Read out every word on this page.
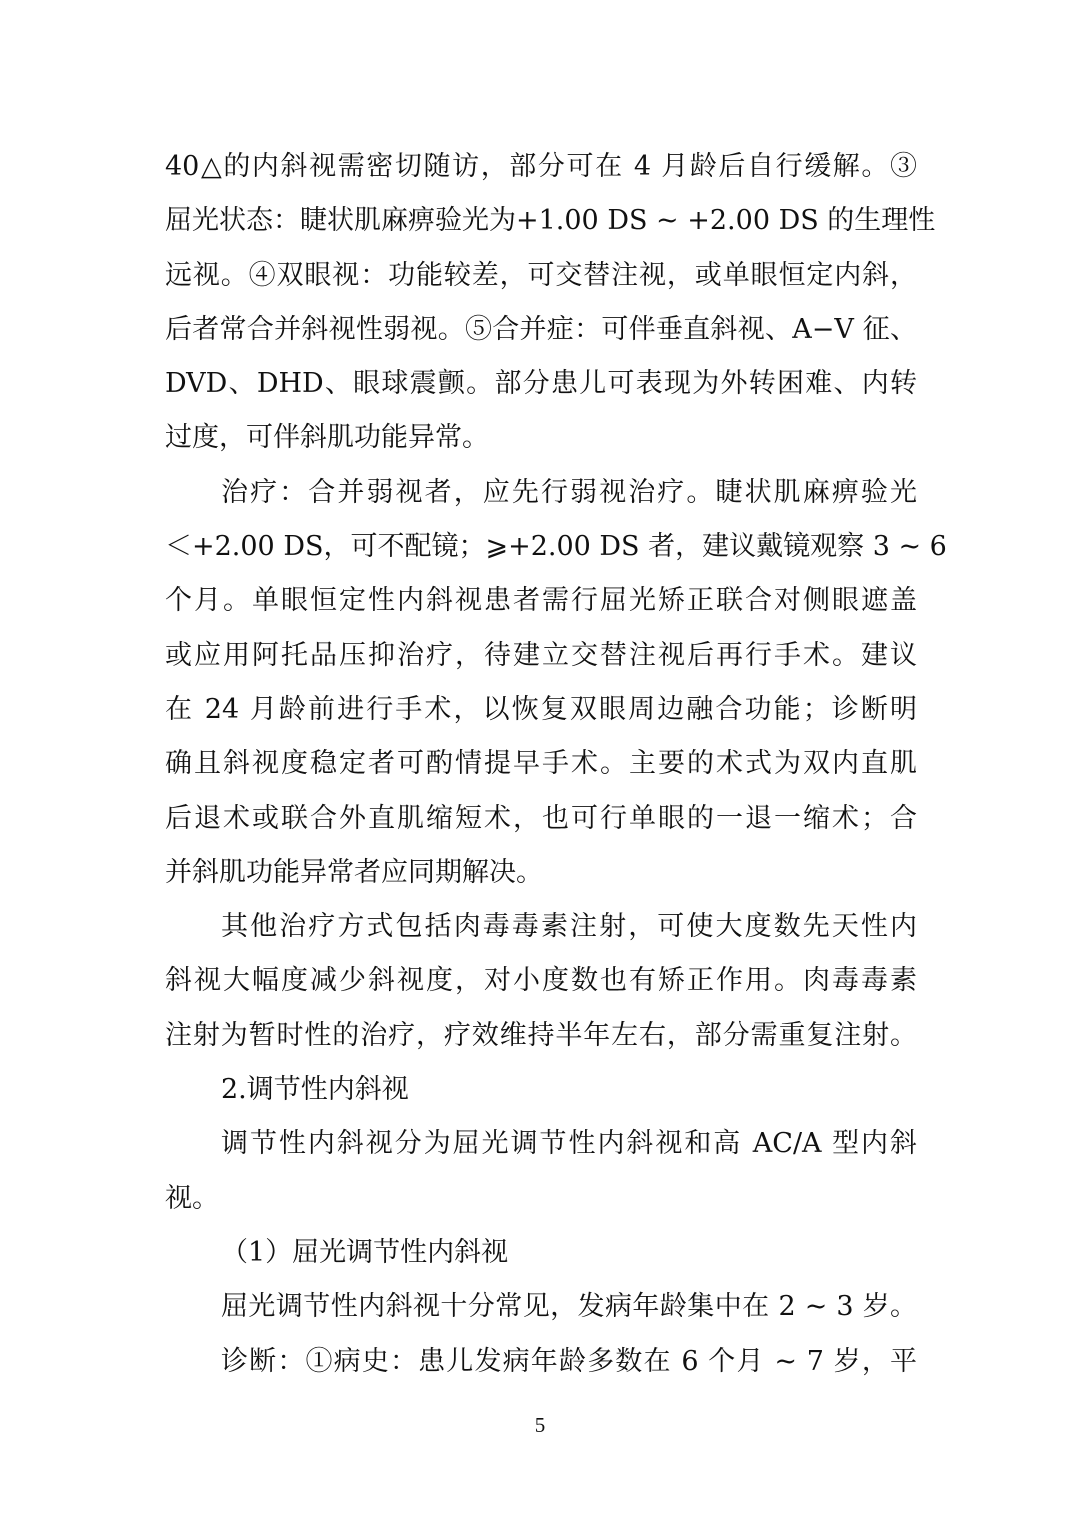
40△的内斜视需密切随访，部分可在 4 月龄后自行缓解。③
屈光状态：睫状肌麻痹验光为+1.00 DS ~ +2.00 DS 的生理性
远视。④双眼视：功能较差，可交替注视，或单眼恒定内斜，
后者常合并斜视性弱视。⑤合并症：可伴垂直斜视、A−V 征、
DVD、DHD、眼球震颤。部分患儿可表现为外转困难、内转
过度，可伴斜肌功能异常。
治疗：合并弱视者，应先行弱视治疗。睫状肌麻痹验光
＜+2.00 DS，可不配镜；⩾+2.00 DS 者，建议戴镜观察 3 ~ 6
个月。单眼恒定性内斜视患者需行屈光矫正联合对侧眼遮盖
或应用阿托品压抑治疗，待建立交替注视后再行手术。建议
在 24 月龄前进行手术，以恢复双眼周边融合功能；诊断明
确且斜视度稳定者可酌情提早手术。主要的术式为双内直肌
后退术或联合外直肌缩短术，也可行单眼的一退一缩术；合
并斜肌功能异常者应同期解决。
其他治疗方式包括肉毒毒素注射，可使大度数先天性内
斜视大幅度减少斜视度，对小度数也有矫正作用。肉毒毒素
注射为暂时性的治疗，疗效维持半年左右，部分需重复注射。
2.调节性内斜视
调节性内斜视分为屈光调节性内斜视和高 AC/A 型内斜
视。
（1）屈光调节性内斜视
屈光调节性内斜视十分常见，发病年龄集中在 2 ~ 3 岁。
诊断：①病史：患儿发病年龄多数在 6 个月 ~ 7 岁，平
5
